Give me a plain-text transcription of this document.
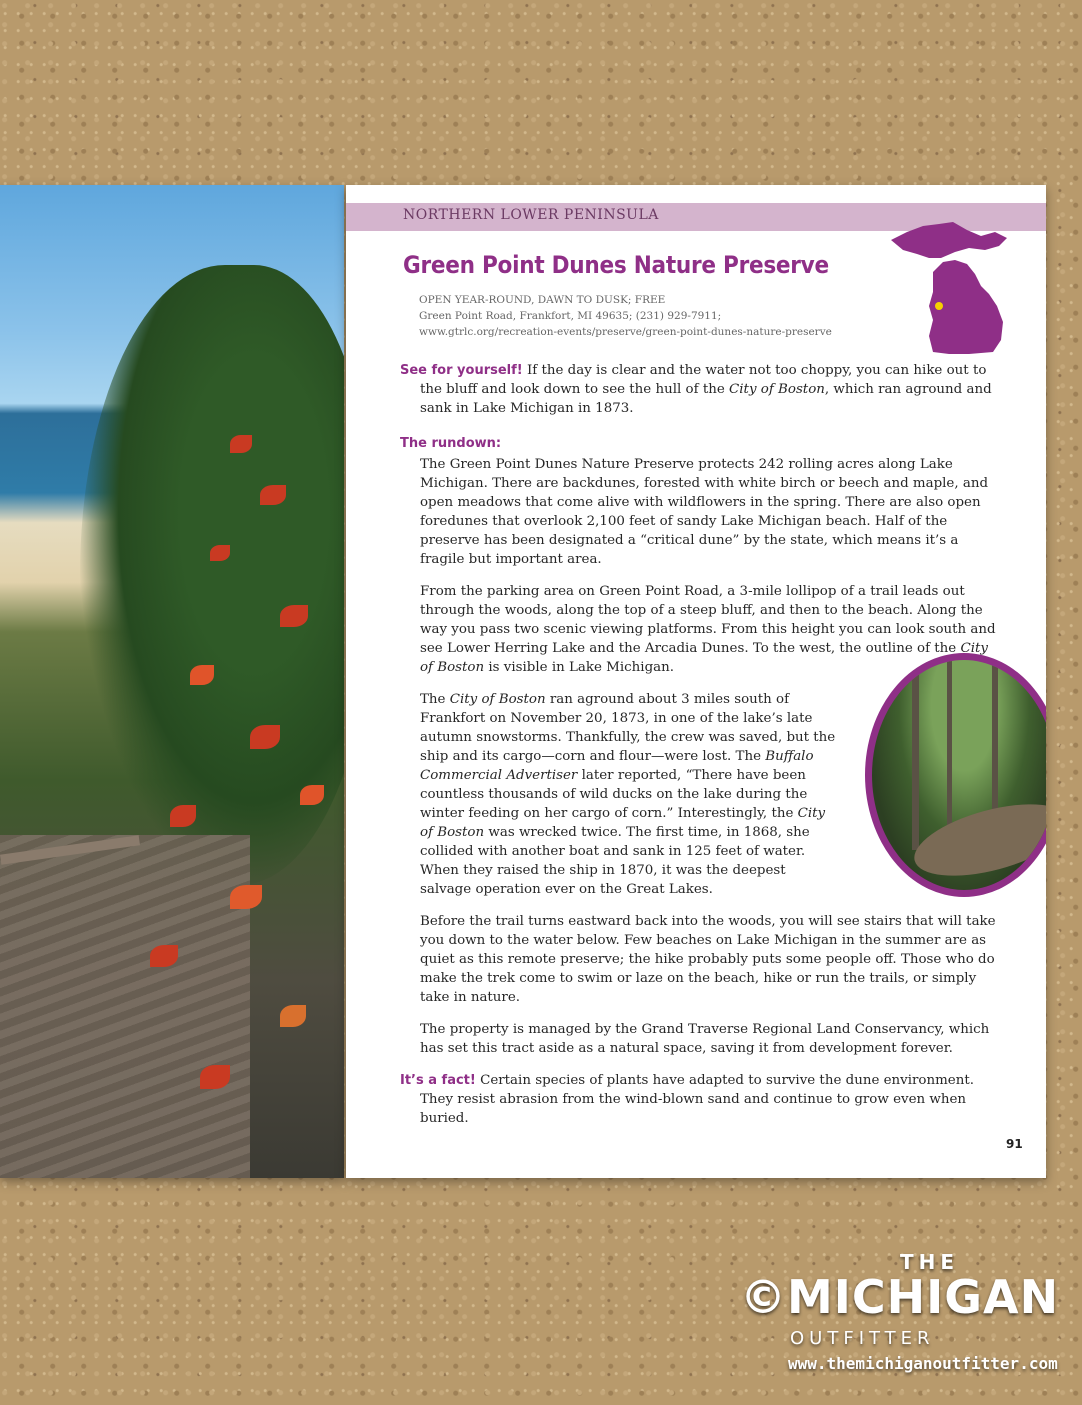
NORTHERN LOWER PENINSULA
Green Point Dunes Nature Preserve
OPEN YEAR-ROUND, DAWN TO DUSK; FREE
Green Point Road, Frankfort, MI 49635; (231) 929-7911;
www.gtrlc.org/recreation-events/preserve/green-point-dunes-nature-preserve

See for yourself! If the day is clear and the water not too choppy, you can hike out to the bluff and look down to see the hull of the City of Boston, which ran aground and sank in Lake Michigan in 1873.

The rundown:

The Green Point Dunes Nature Preserve protects 242 rolling acres along Lake Michigan. There are backdunes, forested with white birch or beech and maple, and open meadows that come alive with wildflowers in the spring. There are also open foredunes that overlook 2,100 feet of sandy Lake Michigan beach. Half of the preserve has been designated a “critical dune” by the state, which means it’s a fragile but important area.

From the parking area on Green Point Road, a 3-mile lollipop of a trail leads out through the woods, along the top of a steep bluff, and then to the beach. Along the way you pass two scenic viewing platforms. From this height you can look south and see Lower Herring Lake and the Arcadia Dunes. To the west, the outline of the City of Boston is visible in Lake Michigan.

The City of Boston ran aground about 3 miles south of Frankfort on November 20, 1873, in one of the lake’s late autumn snowstorms. Thankfully, the crew was saved, but the ship and its cargo—corn and flour—were lost. The Buffalo Commercial Advertiser later reported, “There have been countless thousands of wild ducks on the lake during the winter feeding on her cargo of corn.” Interestingly, the City of Boston was wrecked twice. The first time, in 1868, she collided with another boat and sank in 125 feet of water. When they raised the ship in 1870, it was the deepest salvage operation ever on the Great Lakes.

Before the trail turns eastward back into the woods, you will see stairs that will take you down to the water below. Few beaches on Lake Michigan in the summer are as quiet as this remote preserve; the hike probably puts some people off. Those who do make the trek come to swim or laze on the beach, hike or run the trails, or simply take in nature.

The property is managed by the Grand Traverse Regional Land Conservancy, which has set this tract aside as a natural space, saving it from development forever.

It’s a fact! Certain species of plants have adapted to survive the dune environment. They resist abrasion from the wind-blown sand and continue to grow even when buried.

91
THE
©MICHIGAN
OUTFITTER
www.themichiganoutfitter.com
